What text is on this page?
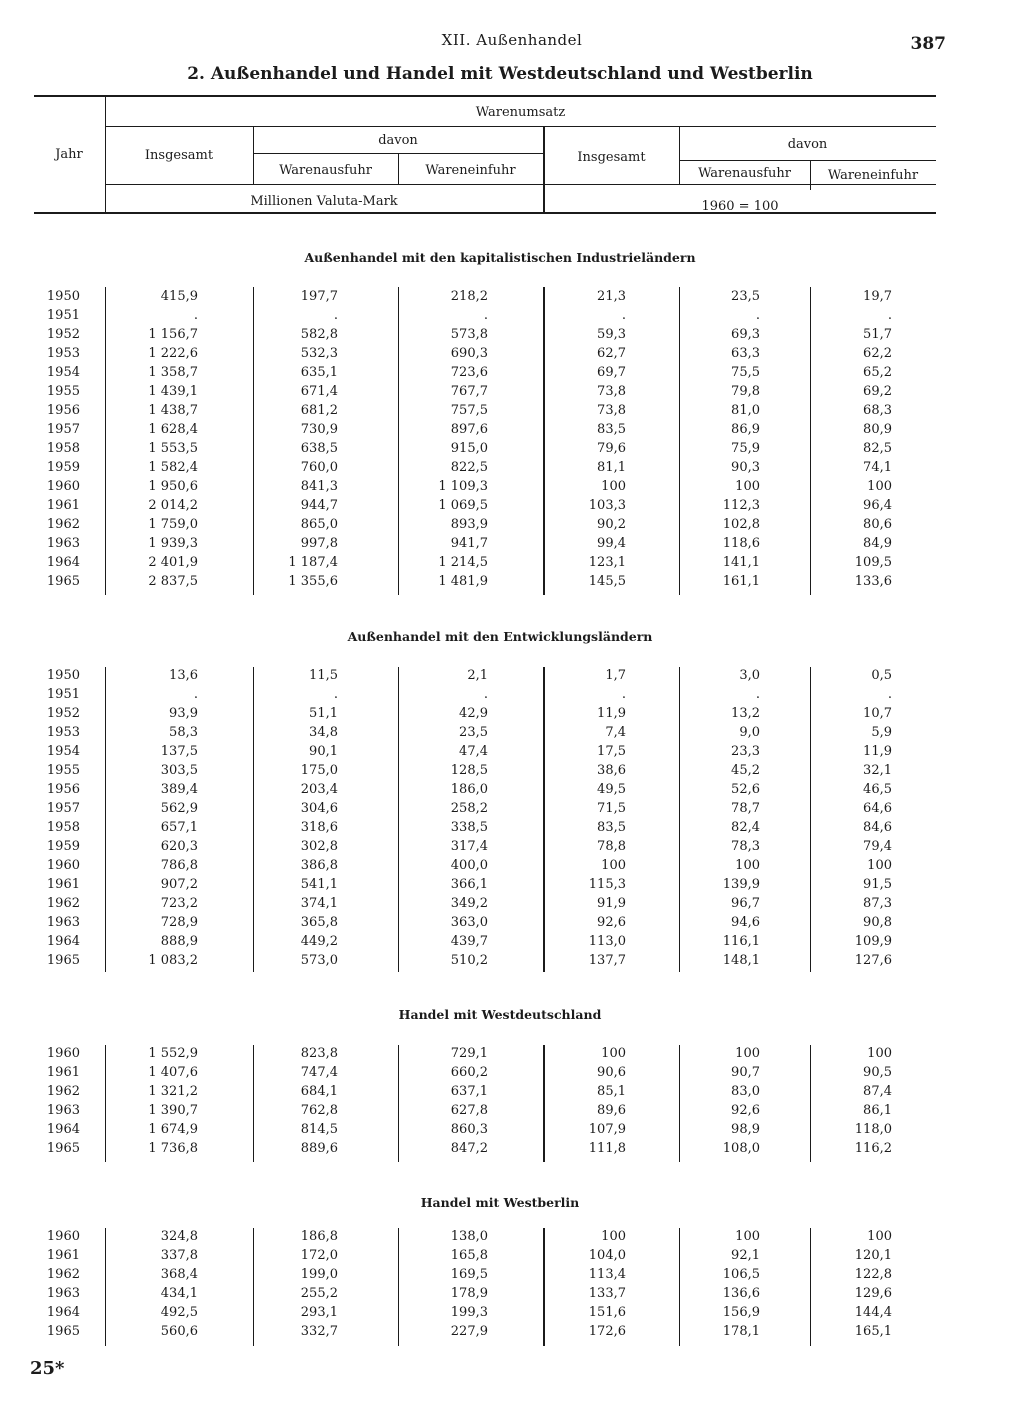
XII. Außenhandel	387
2. Außenhandel und Handel mit Westdeutschland und Westberlin
Jahr
Warenumsatz
Insgesamt
davon
Warenausfuhr	Wareneinfuhr
Insgesamt
davon
Warenausfuhr	Wareneinfuhr
Millionen Valuta-Mark	1960 = 100
Außenhandel mit den kapitalistischen Industrieländern
1950	415,9	197,7	218,2	21,3	23,5	19,7
1951	.	.	.	.	.	.
1952	1 156,7	582,8	573,8	59,3	69,3	51,7
1953	1 222,6	532,3	690,3	62,7	63,3	62,2
1954	1 358,7	635,1	723,6	69,7	75,5	65,2
1955	1 439,1	671,4	767,7	73,8	79,8	69,2
1956	1 438,7	681,2	757,5	73,8	81,0	68,3
1957	1 628,4	730,9	897,6	83,5	86,9	80,9
1958	1 553,5	638,5	915,0	79,6	75,9	82,5
1959	1 582,4	760,0	822,5	81,1	90,3	74,1
1960	1 950,6	841,3	1 109,3	100	100	100
1961	2 014,2	944,7	1 069,5	103,3	112,3	96,4
1962	1 759,0	865,0	893,9	90,2	102,8	80,6
1963	1 939,3	997,8	941,7	99,4	118,6	84,9
1964	2 401,9	1 187,4	1 214,5	123,1	141,1	109,5
1965	2 837,5	1 355,6	1 481,9	145,5	161,1	133,6
Außenhandel mit den Entwicklungsländern
1950	13,6	11,5	2,1	1,7	3,0	0,5
1951	.	.	.	.	.	.
1952	93,9	51,1	42,9	11,9	13,2	10,7
1953	58,3	34,8	23,5	7,4	9,0	5,9
1954	137,5	90,1	47,4	17,5	23,3	11,9
1955	303,5	175,0	128,5	38,6	45,2	32,1
1956	389,4	203,4	186,0	49,5	52,6	46,5
1957	562,9	304,6	258,2	71,5	78,7	64,6
1958	657,1	318,6	338,5	83,5	82,4	84,6
1959	620,3	302,8	317,4	78,8	78,3	79,4
1960	786,8	386,8	400,0	100	100	100
1961	907,2	541,1	366,1	115,3	139,9	91,5
1962	723,2	374,1	349,2	91,9	96,7	87,3
1963	728,9	365,8	363,0	92,6	94,6	90,8
1964	888,9	449,2	439,7	113,0	116,1	109,9
1965	1 083,2	573,0	510,2	137,7	148,1	127,6
Handel mit Westdeutschland
1960	1 552,9	823,8	729,1	100	100	100
1961	1 407,6	747,4	660,2	90,6	90,7	90,5
1962	1 321,2	684,1	637,1	85,1	83,0	87,4
1963	1 390,7	762,8	627,8	89,6	92,6	86,1
1964	1 674,9	814,5	860,3	107,9	98,9	118,0
1965	1 736,8	889,6	847,2	111,8	108,0	116,2
Handel mit Westberlin
1960	324,8	186,8	138,0	100	100	100
1961	337,8	172,0	165,8	104,0	92,1	120,1
1962	368,4	199,0	169,5	113,4	106,5	122,8
1963	434,1	255,2	178,9	133,7	136,6	129,6
1964	492,5	293,1	199,3	151,6	156,9	144,4
1965	560,6	332,7	227,9	172,6	178,1	165,1
25*
